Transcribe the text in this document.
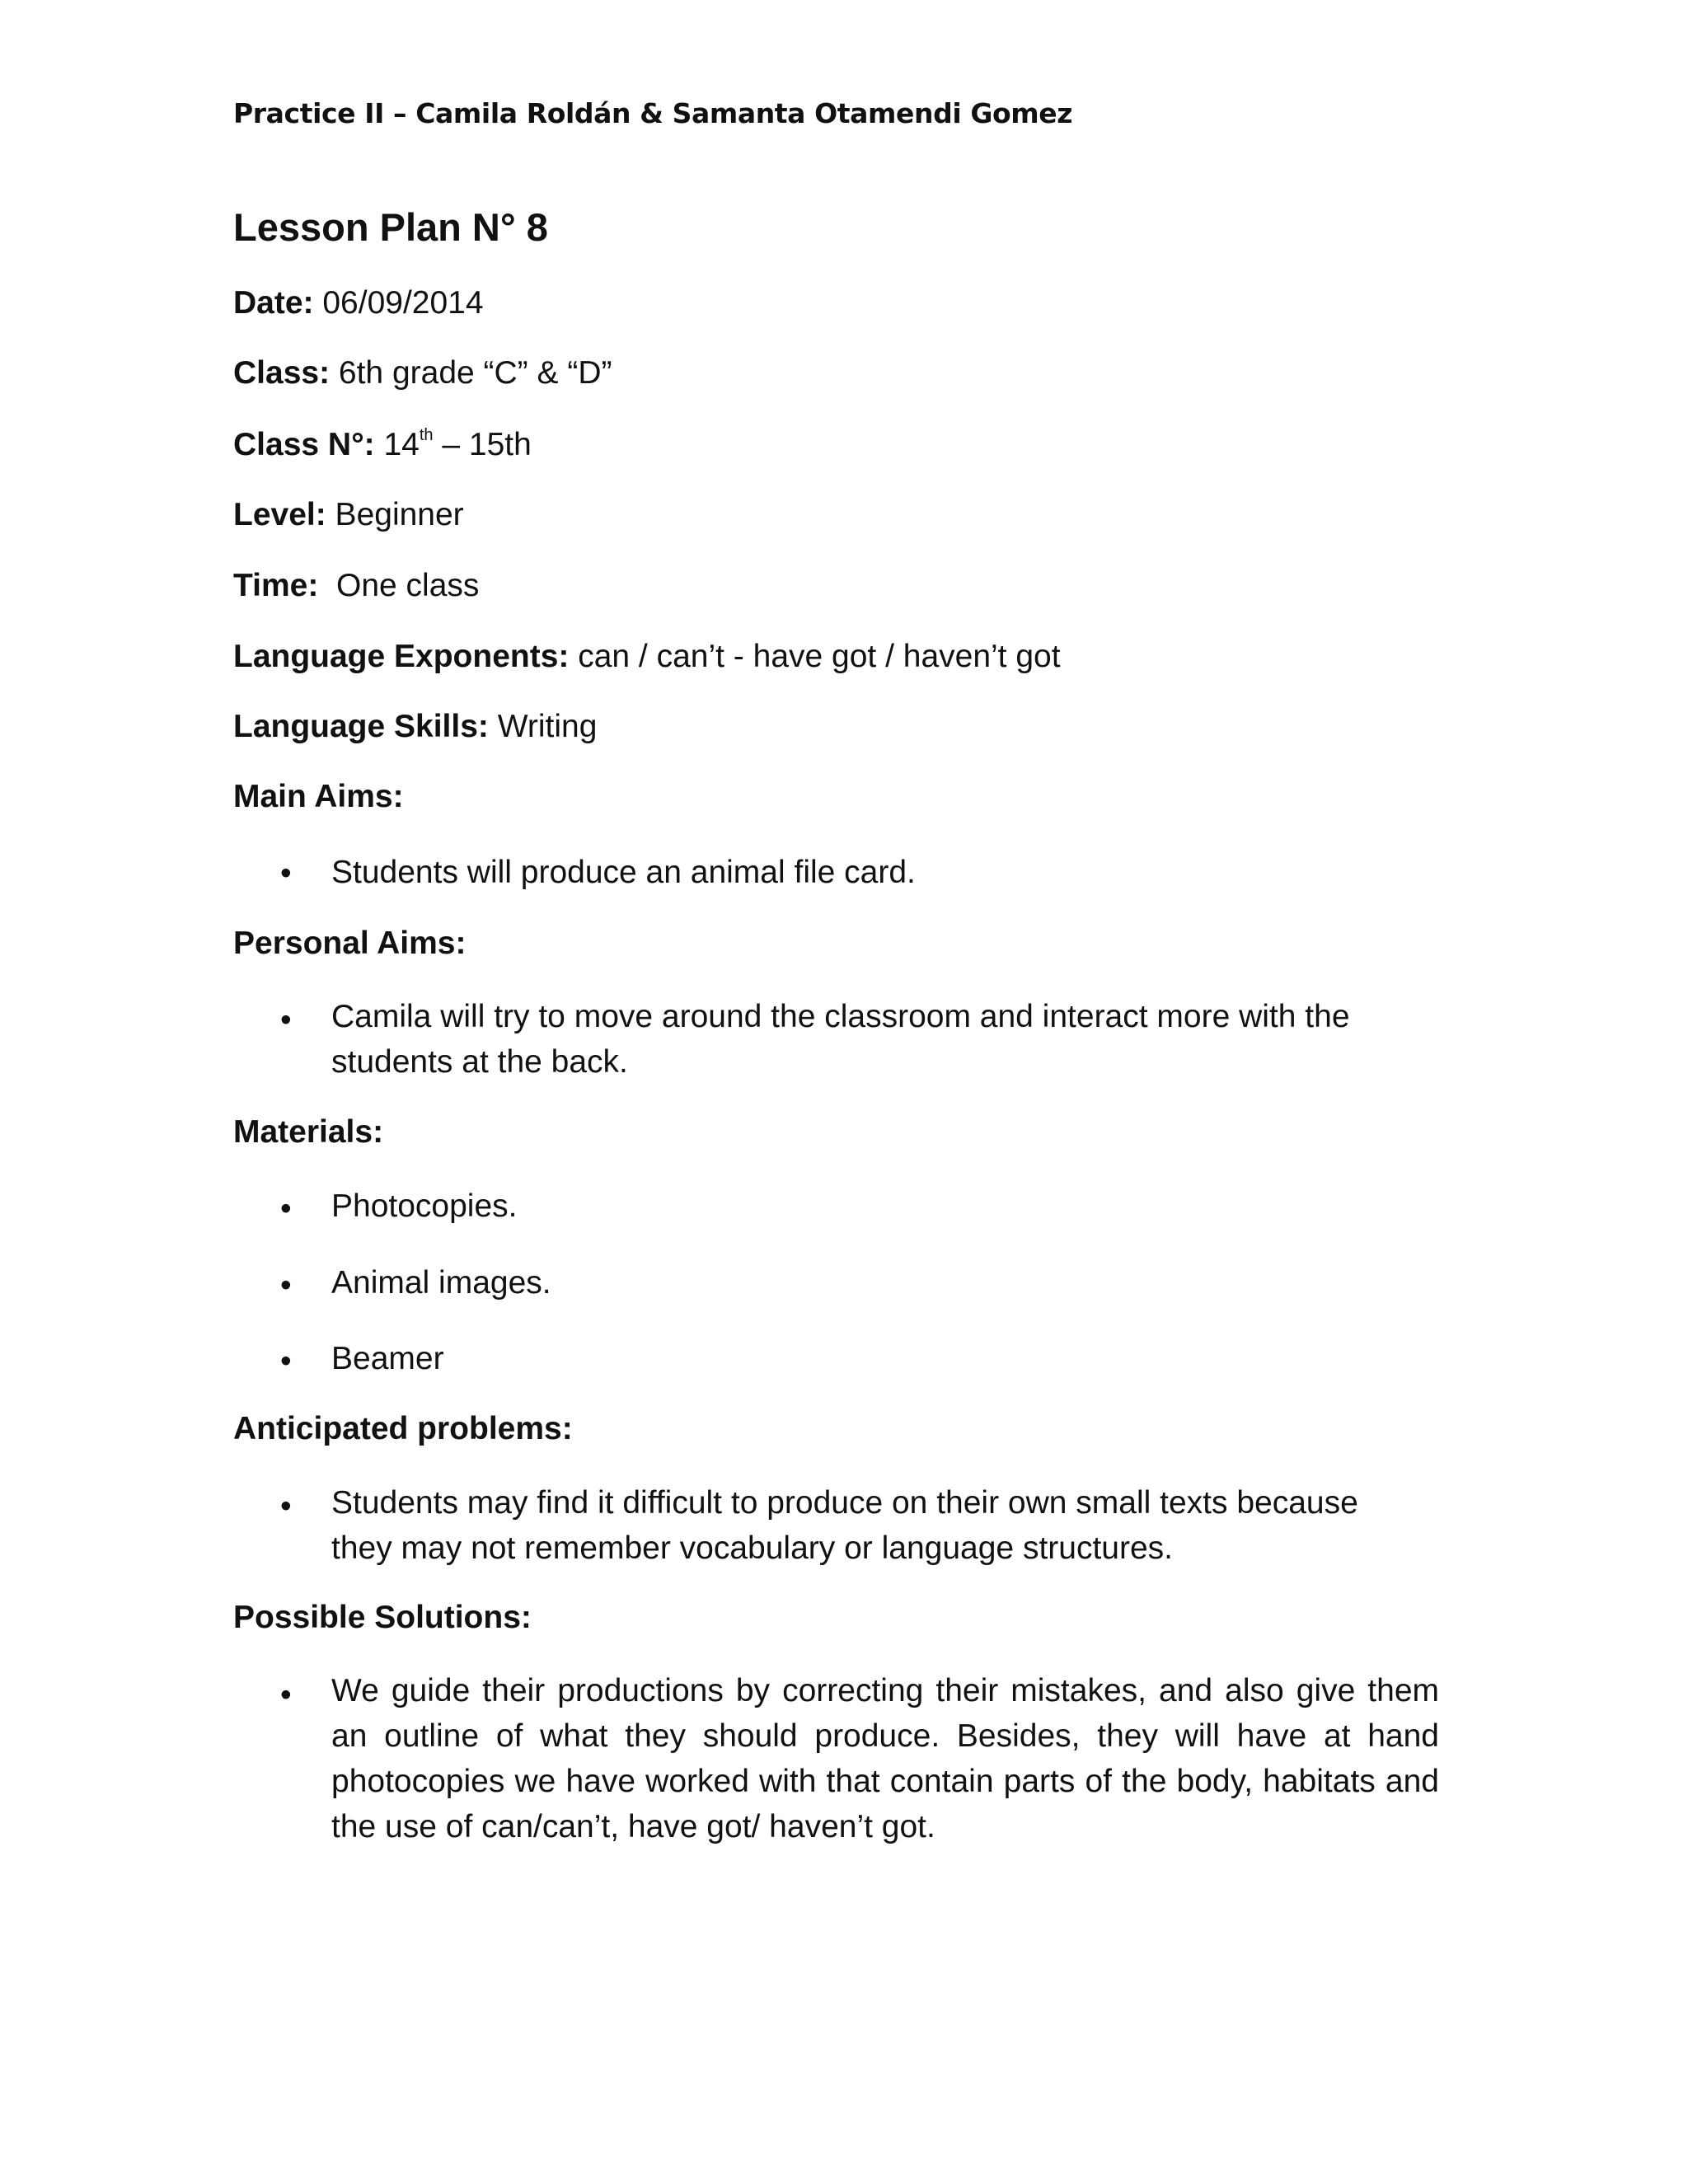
Practice II – Camila Roldán & Samanta Otamendi Gomez
Lesson Plan N° 8
Date: 06/09/2014
Class: 6th grade “C” & “D”
Class N°: 14th – 15th
Level: Beginner
Time:  One class
Language Exponents: can / can’t - have got / haven’t got
Language Skills: Writing
Main Aims:
• Students will produce an animal file card.
Personal Aims:
• Camila will try to move around the classroom and interact more with the students at the back.
Materials:
• Photocopies.
• Animal images.
• Beamer
Anticipated problems:
• Students may find it difficult to produce on their own small texts because they may not remember vocabulary or language structures.
Possible Solutions:
• We guide their productions by correcting their mistakes, and also give them an outline of what they should produce. Besides, they will have at hand photocopies we have worked with that contain parts of the body, habitats and the use of can/can’t, have got/ haven’t got.
